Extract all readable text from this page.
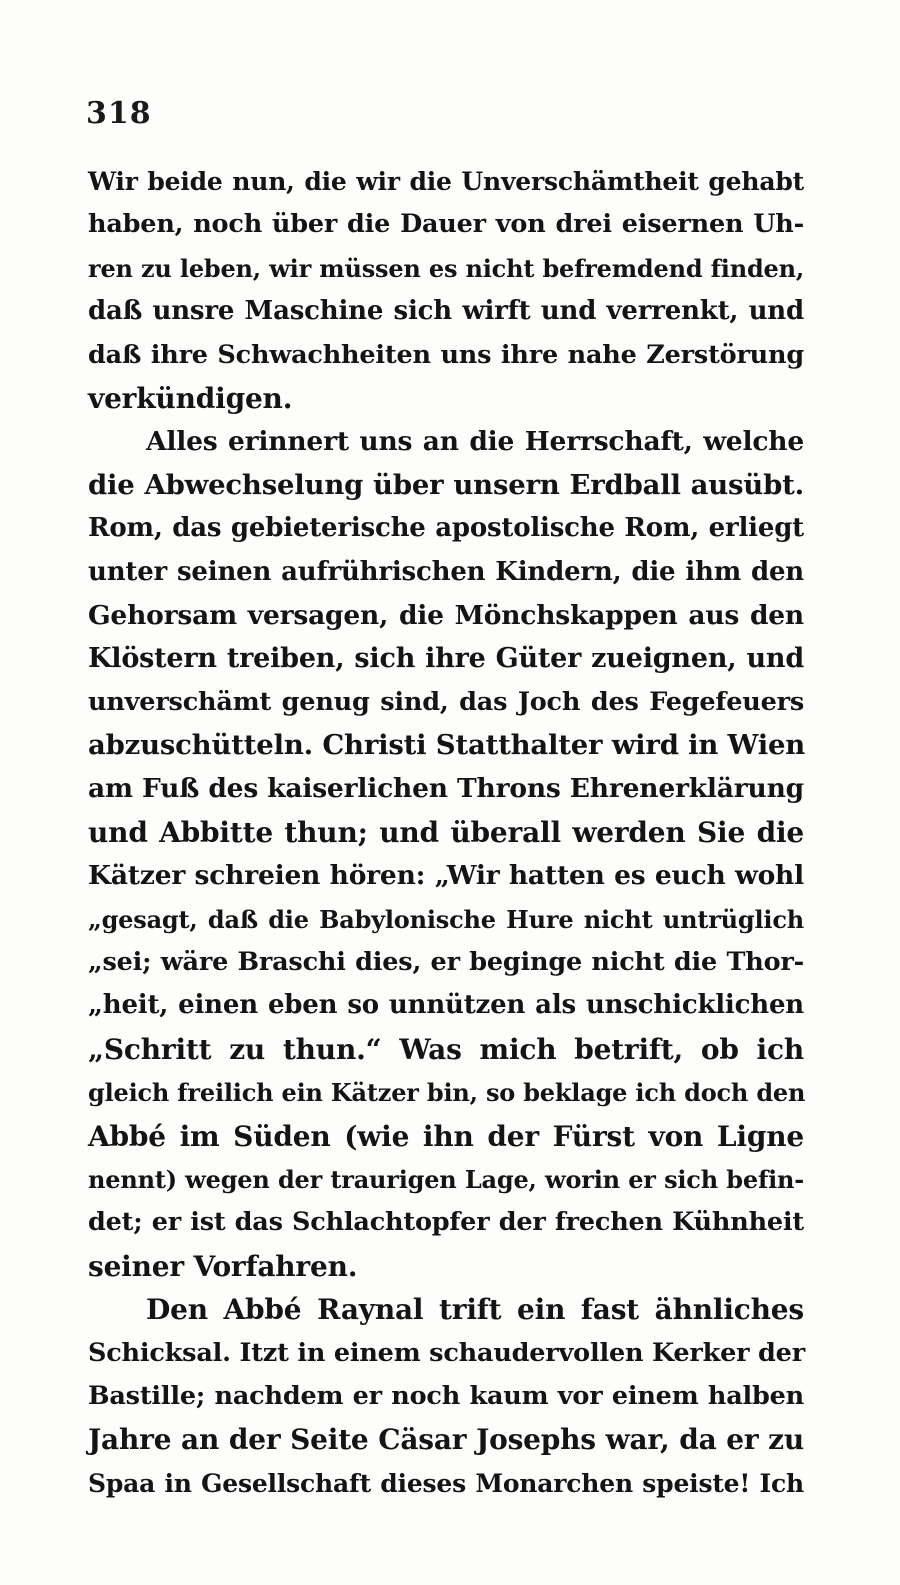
318
Wir beide nun, die wir die Unverschämtheit gehabt
haben, noch über die Dauer von drei eisernen Uh-
ren zu leben, wir müssen es nicht befremdend finden,
daß unsre Maschine sich wirft und verrenkt, und
daß ihre Schwachheiten uns ihre nahe Zerstörung
verkündigen.
Alles erinnert uns an die Herrschaft, welche
die Abwechselung über unsern Erdball ausübt.
Rom, das gebieterische apostolische Rom, erliegt
unter seinen aufrührischen Kindern, die ihm den
Gehorsam versagen, die Mönchskappen aus den
Klöstern treiben, sich ihre Güter zueignen, und
unverschämt genug sind, das Joch des Fegefeuers
abzuschütteln. Christi Statthalter wird in Wien
am Fuß des kaiserlichen Throns Ehrenerklärung
und Abbitte thun; und überall werden Sie die
Kätzer schreien hören: „Wir hatten es euch wohl
„gesagt, daß die Babylonische Hure nicht untrüglich
„sei; wäre Braschi dies, er beginge nicht die Thor-
„heit, einen eben so unnützen als unschicklichen
„Schritt zu thun.“ Was mich betrift, ob ich
gleich freilich ein Kätzer bin, so beklage ich doch den
Abbé im Süden (wie ihn der Fürst von Ligne
nennt) wegen der traurigen Lage, worin er sich befin-
det; er ist das Schlachtopfer der frechen Kühnheit
seiner Vorfahren.
Den Abbé Raynal trift ein fast ähnliches
Schicksal. Itzt in einem schaudervollen Kerker der
Bastille; nachdem er noch kaum vor einem halben
Jahre an der Seite Cäsar Josephs war, da er zu
Spaa in Gesellschaft dieses Monarchen speiste! Ich
